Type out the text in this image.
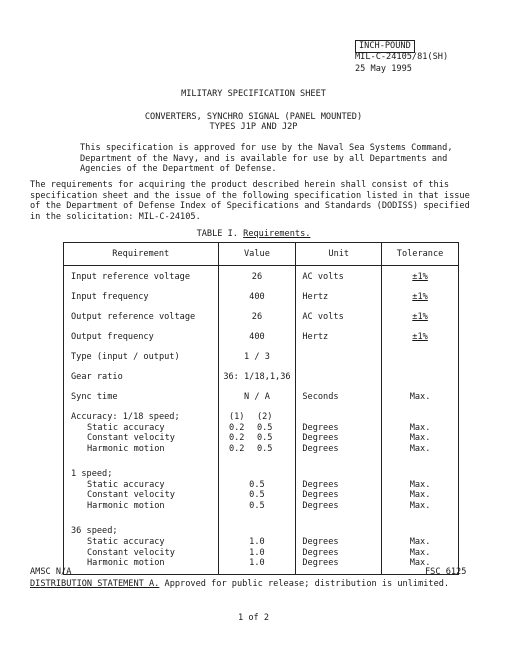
INCH-POUND
MIL-C-24105/81(SH)
25 May 1995
MILITARY SPECIFICATION SHEET
CONVERTERS, SYNCHRO SIGNAL (PANEL MOUNTED)
TYPES J1P AND J2P
This specification is approved for use by the Naval Sea Systems Command,
Department of the Navy, and is available for use by all Departments and
Agencies of the Department of Defense.
The requirements for acquiring the product described herein shall consist of this
specification sheet and the issue of the following specification listed in that issue
of the Department of Defense Index of Specifications and Standards (DODISS) specified
in the solicitation: MIL-C-24105.
TABLE I. Requirements.
Requirement	Value	Unit	Tolerance

Input reference voltage	26	AC volts	±1%
Input frequency	400	Hertz	±1%
Output reference voltage	26	AC volts	±1%
Output frequency	400	Hertz	±1%
Type (input / output)	1 / 3		
Gear ratio	36: 1/18,1,36		
Sync time	N / A	Seconds	Max.
Accuracy: 1/18 speed;	(1) (2)		
Static accuracy	0.2 0.5	Degrees	Max.
Constant velocity	0.2 0.5	Degrees	Max.
Harmonic motion	0.2 0.5	Degrees	Max.

1 speed;			
Static accuracy	0.5	Degrees	Max.
Constant velocity	0.5	Degrees	Max.
Harmonic motion	0.5	Degrees	Max.

36 speed;			
Static accuracy	1.0	Degrees	Max.
Constant velocity	1.0	Degrees	Max.
Harmonic motion	1.0	Degrees	Max.

AMSC N/A	FSC 6125
DISTRIBUTION STATEMENT A. Approved for public release; distribution is unlimited.
1 of 2
